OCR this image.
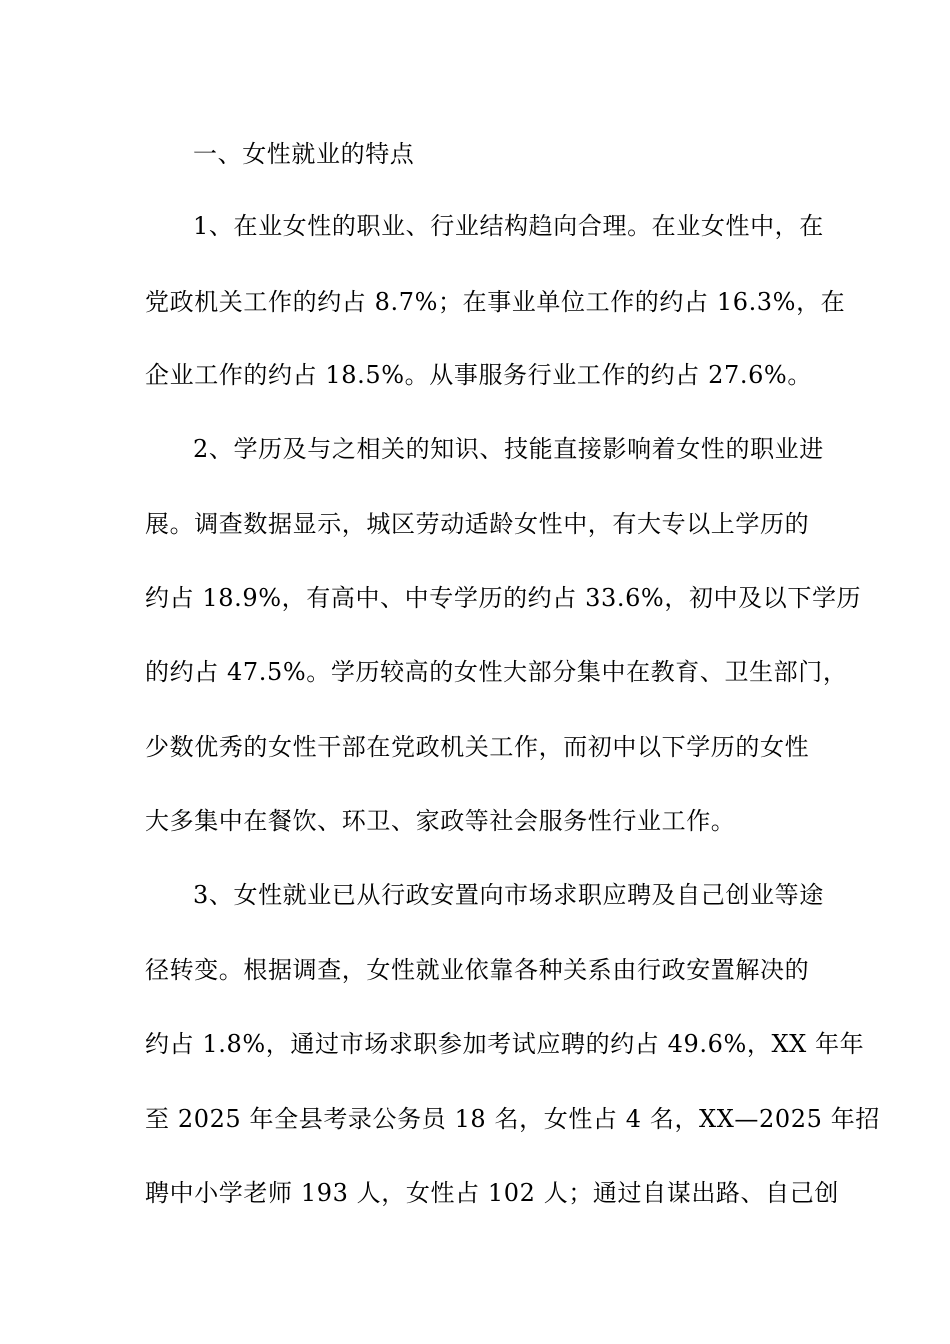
一、女性就业的特点
1、在业女性的职业、行业结构趋向合理。在业女性中，在
党政机关工作的约占 8.7%；在事业单位工作的约占 16.3%，在
企业工作的约占 18.5%。从事服务行业工作的约占 27.6%。
2、学历及与之相关的知识、技能直接影响着女性的职业进
展。调查数据显示，城区劳动适龄女性中，有大专以上学历的
约占 18.9%，有高中、中专学历的约占 33.6%，初中及以下学历
的约占 47.5%。学历较高的女性大部分集中在教育、卫生部门，
少数优秀的女性干部在党政机关工作，而初中以下学历的女性
大多集中在餐饮、环卫、家政等社会服务性行业工作。
3、女性就业已从行政安置向市场求职应聘及自己创业等途
径转变。根据调查，女性就业依靠各种关系由行政安置解决的
约占 1.8%，通过市场求职参加考试应聘的约占 49.6%，XX 年年
至 2025 年全县考录公务员 18 名，女性占 4 名，XX—2025 年招
聘中小学老师 193 人，女性占 102 人；通过自谋出路、自己创
